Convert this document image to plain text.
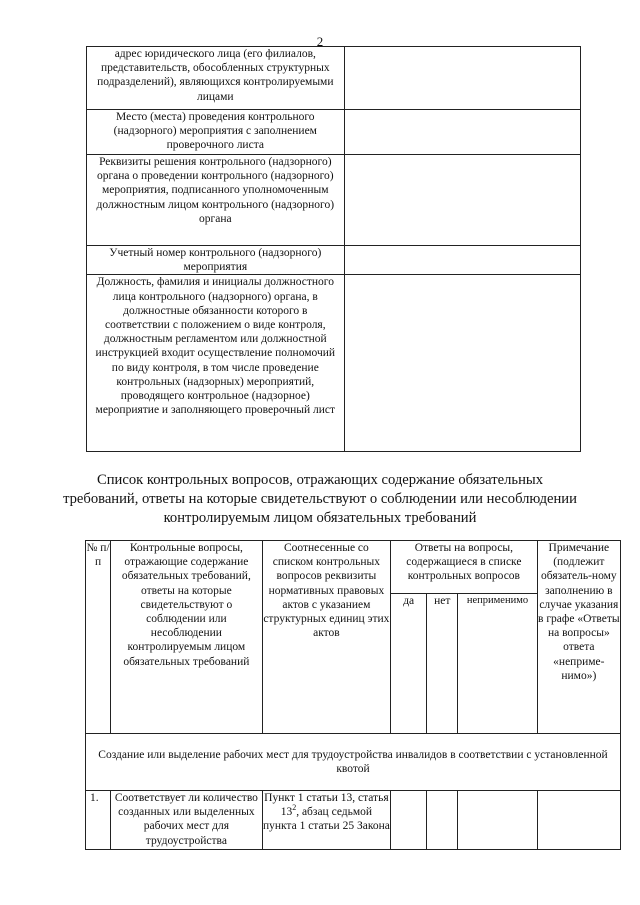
2
адрес юридического лица (его филиалов, представительств, обособленных структурных подразделений), являющихся контролируемыми лицами	
Место (места) проведения контрольного (надзорного) мероприятия с заполнением проверочного листа	
Реквизиты решения контрольного (надзорного) органа о проведении контрольного (надзорного) мероприятия, подписанного уполномоченным должностным лицом контрольного (надзорного) органа	
Учетный номер контрольного (надзорного) мероприятия	
Должность, фамилия и инициалы должностного лица контрольного (надзорного) органа, в должностные обязанности которого в соответствии с положением о виде контроля, должностным регламентом или должностной инструкцией входит осуществление полномочий по виду контроля, в том числе проведение контрольных (надзорных) мероприятий, проводящего контрольное (надзорное) мероприятие и заполняющего проверочный лист	
Список контрольных вопросов, отражающих содержание обязательных требований, ответы на которые свидетельствуют о соблюдении или несоблюдении контролируемым лицом обязательных требований
№ п/п	Контрольные вопросы, отражающие содержание обязательных требований, ответы на которые свидетельствуют о соблюдении или несоблюдении контролируемым лицом обязательных требований	Соотнесенные со списком контрольных вопросов реквизиты нормативных правовых актов с указанием структурных единиц этих актов	Ответы на вопросы, содержащиеся в списке контрольных вопросов			Примечание (подлежит обязатель-ному заполнению в случае указания в графе «Ответы на вопросы» ответа «неприме-нимо»)
			да	нет	неприменимо	
Создание или выделение рабочих мест для трудоустройства инвалидов в соответствии с установленной квотой						
1.	Соответствует ли количество созданных или выделенных рабочих мест для трудоустройства	Пункт 1 статьи 13, статья $13^2$, абзац седьмой пункта 1 статьи 25 Закона				
